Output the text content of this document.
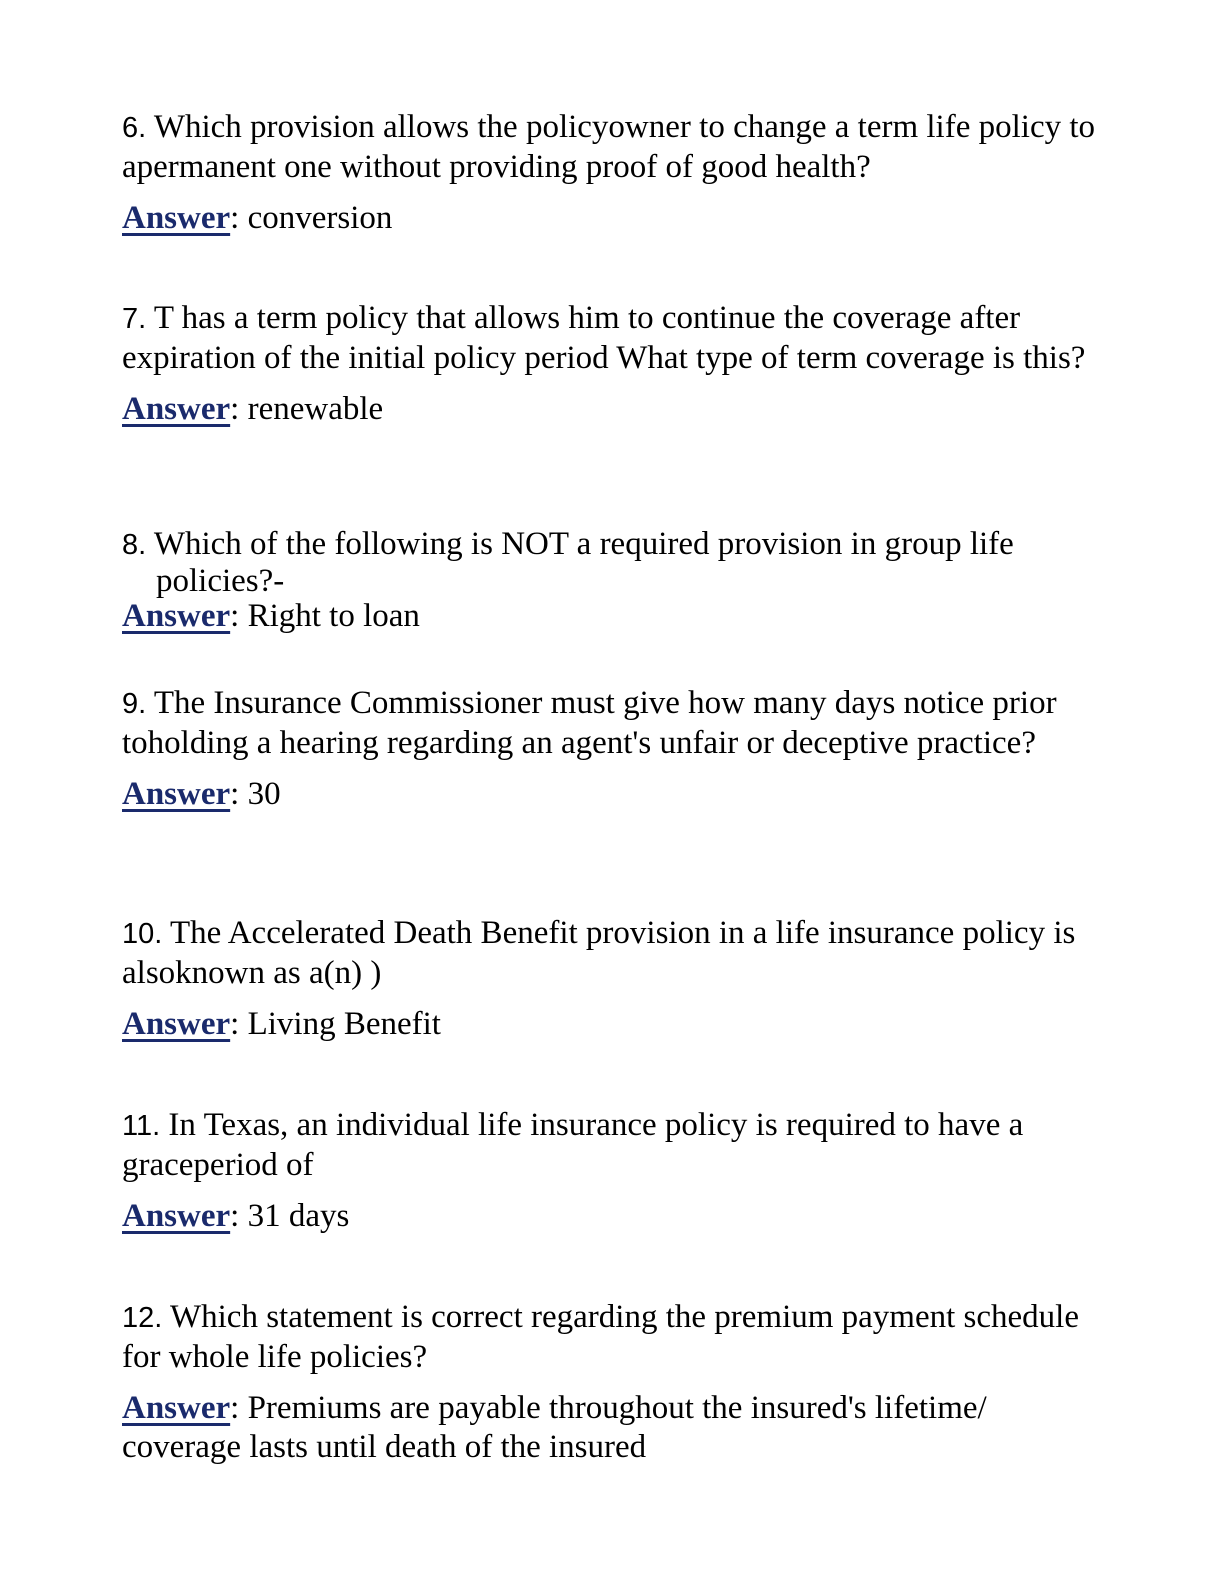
6. Which provision allows the policyowner to change a term life policy to apermanent one without providing proof of good health?

Answer: conversion

7. T has a term policy that allows him to continue the coverage after expiration of the initial policy period What type of term coverage is this?

Answer: renewable

8. Which of the following is NOT a required provision in group life policies?-

Answer: Right to loan

9. The Insurance Commissioner must give how many days notice prior toholding a hearing regarding an agent's unfair or deceptive practice?

Answer: 30

10. The Accelerated Death Benefit provision in a life insurance policy is alsoknown as a(n) )

Answer: Living Benefit

11. In Texas, an individual life insurance policy is required to have a graceperiod of

Answer: 31 days

12. Which statement is correct regarding the premium payment schedule for whole life policies?

Answer: Premiums are payable throughout the insured's lifetime/ coverage lasts until death of the insured
